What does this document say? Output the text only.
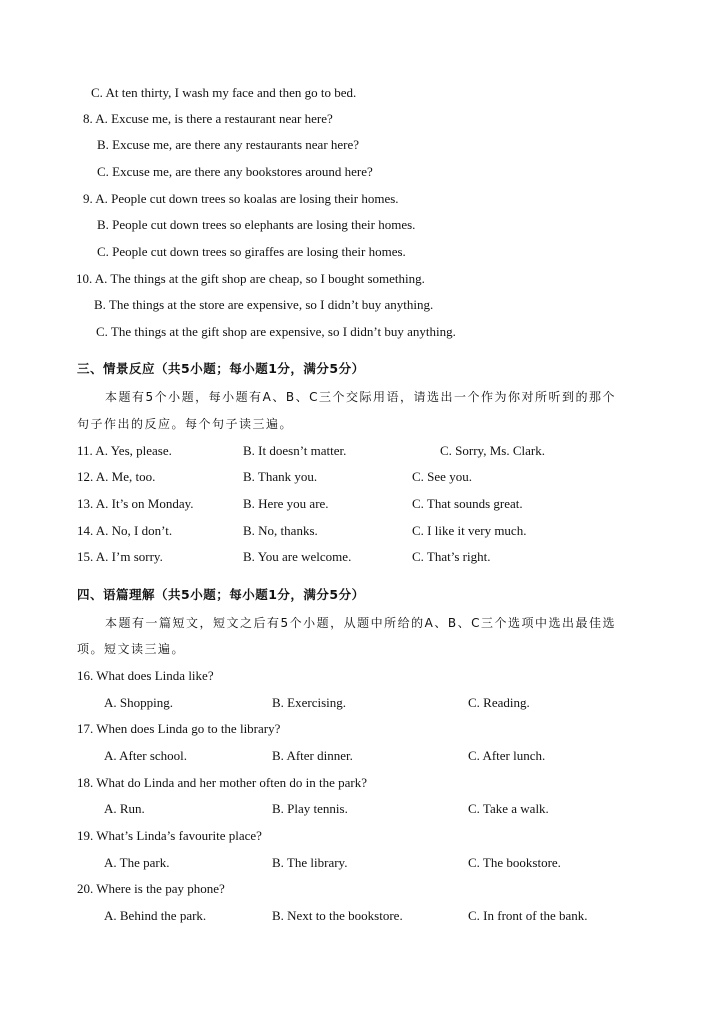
C. At ten thirty, I wash my face and then go to bed.
8. A. Excuse me, is there a restaurant near here?
B. Excuse me, are there any restaurants near here?
C. Excuse me, are there any bookstores around here?
9. A. People cut down trees so koalas are losing their homes.
B. People cut down trees so elephants are losing their homes.
C. People cut down trees so giraffes are losing their homes.
10. A. The things at the gift shop are cheap, so I bought something.
B. The things at the store are expensive, so I didn’t buy anything.
C. The things at the gift shop are expensive, so I didn’t buy anything.
三、情景反应（共5小题；每小题1分，满分5分）
本题有5个小题，每小题有A、B、C三个交际用语，请选出一个作为你对所听到的那个
句子作出的反应。每个句子读三遍。
11. A. Yes, please.	B. It doesn’t matter.	C. Sorry, Ms. Clark.
12. A. Me, too.	B. Thank you.	C. See you.
13. A. It’s on Monday.	B. Here you are.	C. That sounds great.
14. A. No, I don’t.	B. No, thanks.	C. I like it very much.
15. A. I’m sorry.	B. You are welcome.	C. That’s right.
四、语篇理解（共5小题；每小题1分，满分5分）
本题有一篇短文，短文之后有5个小题，从题中所给的A、B、C三个选项中选出最佳选
项。短文读三遍。
16. What does Linda like?
A. Shopping.	B. Exercising.	C. Reading.
17. When does Linda go to the library?
A. After school.	B. After dinner.	C. After lunch.
18. What do Linda and her mother often do in the park?
A. Run.	B. Play tennis.	C. Take a walk.
19. What’s Linda’s favourite place?
A. The park.	B. The library.	C. The bookstore.
20. Where is the pay phone?
A. Behind the park.	B. Next to the bookstore.	C. In front of the bank.
